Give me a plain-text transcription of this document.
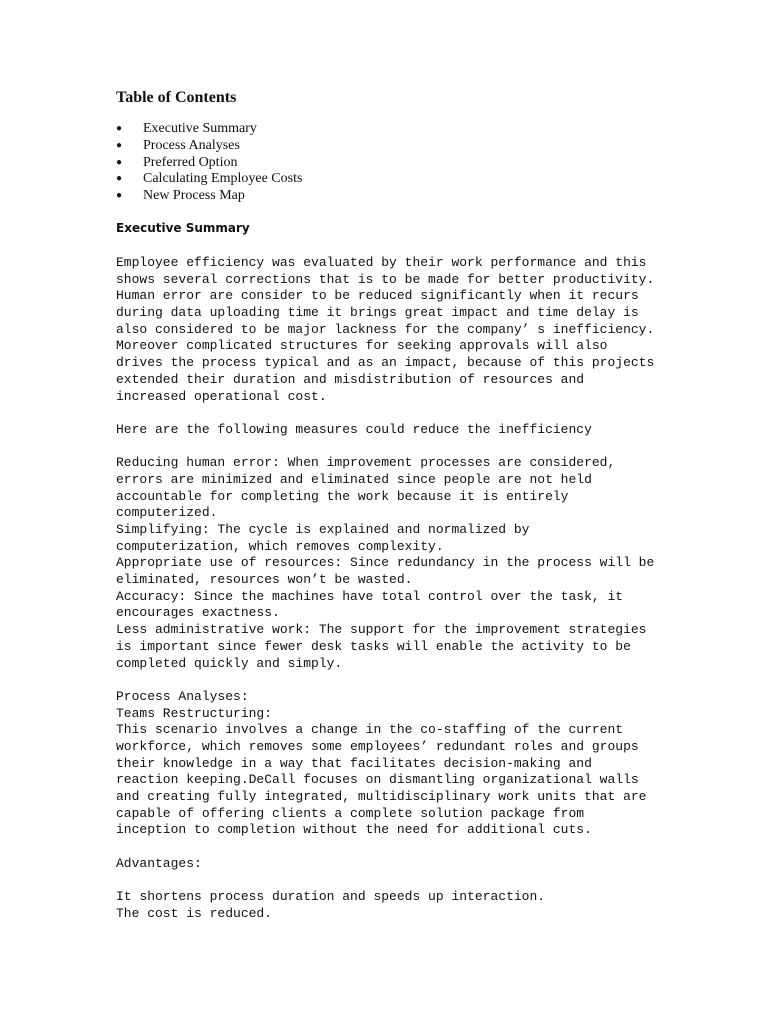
Table of Contents
● Executive Summary
● Process Analyses
● Preferred Option
● Calculating Employee Costs
● New Process Map
Executive Summary
Employee efficiency was evaluated by their work performance and this
shows several corrections that is to be made for better productivity.
Human error are consider to be reduced significantly when it recurs
during data uploading time it brings great impact and time delay is
also considered to be major lackness for the company’ s inefficiency.
Moreover complicated structures for seeking approvals will also
drives the process typical and as an impact, because of this projects
extended their duration and misdistribution of resources and
increased operational cost.
Here are the following measures could reduce the inefficiency
Reducing human error: When improvement processes are considered,
errors are minimized and eliminated since people are not held
accountable for completing the work because it is entirely
computerized.
Simplifying: The cycle is explained and normalized by
computerization, which removes complexity.
Appropriate use of resources: Since redundancy in the process will be
eliminated, resources won’t be wasted.
Accuracy: Since the machines have total control over the task, it
encourages exactness.
Less administrative work: The support for the improvement strategies
is important since fewer desk tasks will enable the activity to be
completed quickly and simply.
Process Analyses:
Teams Restructuring:
This scenario involves a change in the co-staffing of the current
workforce, which removes some employees’ redundant roles and groups
their knowledge in a way that facilitates decision-making and
reaction keeping.DeCall focuses on dismantling organizational walls
and creating fully integrated, multidisciplinary work units that are
capable of offering clients a complete solution package from
inception to completion without the need for additional cuts.
Advantages:
It shortens process duration and speeds up interaction.
The cost is reduced.
